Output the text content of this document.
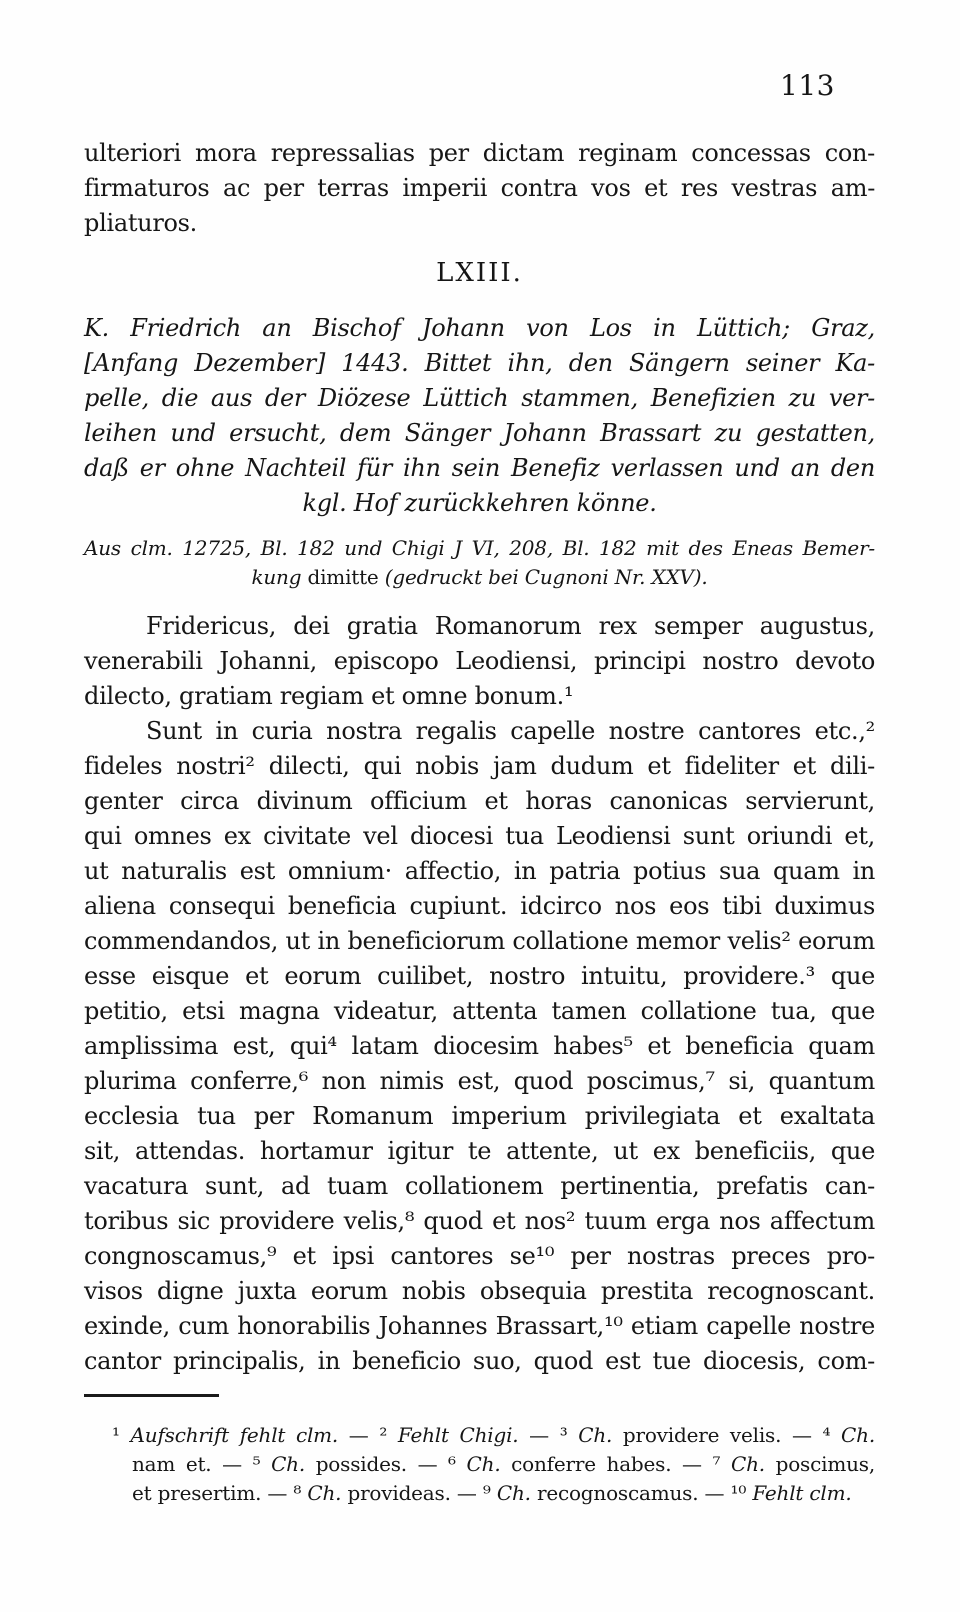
113
ulteriori mora repressalias per dictam reginam concessas con-
firmaturos ac per terras imperii contra vos et res vestras am-
pliaturos.
LXIII.
K. Friedrich an Bischof Johann von Los in Lüttich; Graz,
[Anfang Dezember] 1443. Bittet ihn, den Sängern seiner Ka-
pelle, die aus der Diözese Lüttich stammen, Benefizien zu ver-
leihen und ersucht, dem Sänger Johann Brassart zu gestatten,
daß er ohne Nachteil für ihn sein Benefiz verlassen und an den
kgl. Hof zurückkehren könne.
Aus clm. 12725, Bl. 182 und Chigi J VI, 208, Bl. 182 mit des Eneas Bemer-
kung dimitte (gedruckt bei Cugnoni Nr. XXV).
Fridericus, dei gratia Romanorum rex semper augustus,
venerabili Johanni, episcopo Leodiensi, principi nostro devoto
dilecto, gratiam regiam et omne bonum.¹
Sunt in curia nostra regalis capelle nostre cantores etc.,²
fideles nostri² dilecti, qui nobis jam dudum et fideliter et dili-
genter circa divinum officium et horas canonicas servierunt,
qui omnes ex civitate vel diocesi tua Leodiensi sunt oriundi et,
ut naturalis est omnium· affectio, in patria potius sua quam in
aliena consequi beneficia cupiunt. idcirco nos eos tibi duximus
commendandos, ut in beneficiorum collatione memor velis² eorum
esse eisque et eorum cuilibet, nostro intuitu, providere.³ que
petitio, etsi magna videatur, attenta tamen collatione tua, que
amplissima est, qui⁴ latam diocesim habes⁵ et beneficia quam
plurima conferre,⁶ non nimis est, quod poscimus,⁷ si, quantum
ecclesia tua per Romanum imperium privilegiata et exaltata
sit, attendas. hortamur igitur te attente, ut ex beneficiis, que
vacatura sunt, ad tuam collationem pertinentia, prefatis can-
toribus sic providere velis,⁸ quod et nos² tuum erga nos affectum
congnoscamus,⁹ et ipsi cantores se¹⁰ per nostras preces pro-
visos digne juxta eorum nobis obsequia prestita recognoscant.
exinde, cum honorabilis Johannes Brassart,¹⁰ etiam capelle nostre
cantor principalis, in beneficio suo, quod est tue diocesis, com-
¹ Aufschrift fehlt clm. — ² Fehlt Chigi. — ³ Ch. providere velis. — ⁴ Ch.
nam et. — ⁵ Ch. possides. — ⁶ Ch. conferre habes. — ⁷ Ch. poscimus,
et presertim. — ⁸ Ch. provideas. — ⁹ Ch. recognoscamus. — ¹⁰ Fehlt clm.
